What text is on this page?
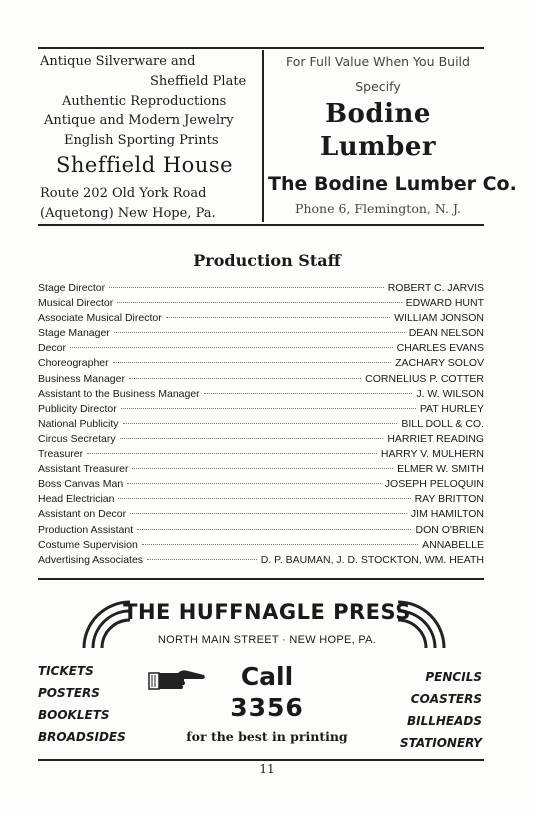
Antique Silverware and
Sheffield Plate
Authentic Reproductions
Antique and Modern Jewelry
English Sporting Prints
Sheffield House
Route 202 Old York Road
(Aquetong) New Hope, Pa.
For Full Value When You Build
Specify
Bodine
Lumber
The Bodine Lumber Co.
Phone 6, Flemington, N. J.
Production Staff
Stage Director	ROBERT C. JARVIS
Musical Director	EDWARD HUNT
Associate Musical Director	WILLIAM JONSON
Stage Manager	DEAN NELSON
Decor	CHARLES EVANS
Choreographer	ZACHARY SOLOV
Business Manager	CORNELIUS P. COTTER
Assistant to the Business Manager	J. W. WILSON
Publicity Director	PAT HURLEY
National Publicity	BILL DOLL & CO.
Circus Secretary	HARRIET READING
Treasurer	HARRY V. MULHERN
Assistant Treasurer	ELMER W. SMITH
Boss Canvas Man	JOSEPH PELOQUIN
Head Electrician	RAY BRITTON
Assistant on Decor	JIM HAMILTON
Production Assistant	DON O'BRIEN
Costume Supervision	ANNABELLE
Advertising Associates	D. P. BAUMAN, J. D. STOCKTON, WM. HEATH
THE HUFFNAGLE PRESS
NORTH MAIN STREET · NEW HOPE, PA.
TICKETS
POSTERS
BOOKLETS
BROADSIDES
PENCILS
COASTERS
BILLHEADS
STATIONERY
Call
3356
for the best in printing
11
